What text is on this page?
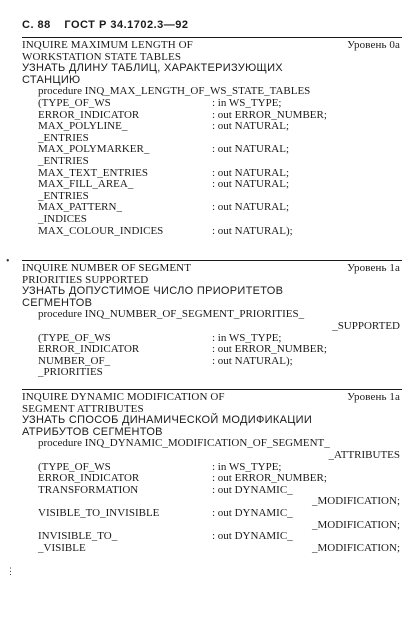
С. 88 ГОСТ Р 34.1702.3—92
INQUIRE MAXIMUM LENGTH OF	Уровень 0a
WORKSTATION STATE TABLES
УЗНАТЬ ДЛИНУ ТАБЛИЦ, ХАРАКТЕРИЗУЮЩИХ
СТАНЦИЮ
procedure INQ_MAX_LENGTH_OF_WS_STATE_TABLES
(TYPE_OF_WS	: in WS_TYPE;
ERROR_INDICATOR	: out ERROR_NUMBER;
MAX_POLYLINE_	: out NATURAL;
_ENTRIES
MAX_POLYMARKER_	: out NATURAL;
_ENTRIES
MAX_TEXT_ENTRIES	: out NATURAL;
MAX_FILL_AREA_	: out NATURAL;
_ENTRIES
MAX_PATTERN_	: out NATURAL;
_INDICES
MAX_COLOUR_INDICES	: out NATURAL);
•
INQUIRE NUMBER OF SEGMENT	Уровень 1a
PRIORITIES SUPPORTED
УЗНАТЬ ДОПУСТИМОЕ ЧИСЛО ПРИОРИТЕТОВ
СЕГМЕНТОВ
procedure INQ_NUMBER_OF_SEGMENT_PRIORITIES_
_SUPPORTED
(TYPE_OF_WS	: in WS_TYPE;
ERROR_INDICATOR	: out ERROR_NUMBER;
NUMBER_OF_	: out NATURAL);
_PRIORITIES
INQUIRE DYNAMIC MODIFICATION OF	Уровень 1a
SEGMENT ATTRIBUTES
УЗНАТЬ СПОСОБ ДИНАМИЧЕСКОЙ МОДИФИКАЦИИ
АТРИБУТОВ СЕГМЕНТОВ
procedure INQ_DYNAMIC_MODIFICATION_OF_SEGMENT_
_ATTRIBUTES
(TYPE_OF_WS	: in WS_TYPE;
ERROR_INDICATOR	: out ERROR_NUMBER;
TRANSFORMATION	: out DYNAMIC_
_MODIFICATION;
VISIBLE_TO_INVISIBLE	: out DYNAMIC_
_MODIFICATION;
INVISIBLE_TO_	: out DYNAMIC_
_VISIBLE	_MODIFICATION;
⋮
